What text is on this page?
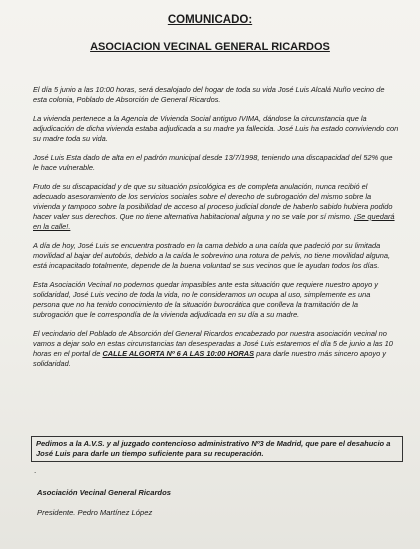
COMUNICADO:
ASOCIACION VECINAL GENERAL RICARDOS

El día 5 junio a las 10:00 horas, será desalojado del hogar de toda su vida José Luis Alcalá Nuño vecino de esta colonia, Poblado de Absorción de General Ricardos.

La vivienda pertenece a la Agencia de Vivienda Social antiguo IVIMA, dándose la circunstancia que la adjudicación de dicha vivienda estaba adjudicada a su madre ya fallecida. José Luis ha estado conviviendo con su madre toda su vida.

José Luis Esta dado de alta en el padrón municipal desde 13/7/1998, teniendo una discapacidad del 52% que le hace vulnerable.

Fruto de su discapacidad y de que su situación psicológica es de completa anulación, nunca recibió el adecuado asesoramiento de los servicios sociales sobre el derecho de subrogación del mismo sobre la vivienda y tampoco sobre la posibilidad de acceso al proceso judicial donde de haberlo sabido hubiera podido hacer valer sus derechos. Que no tiene alternativa habitacional alguna y no se vale por sí mismo. ¡Se quedará en la calle!.

A día de hoy, José Luis se encuentra postrado en la cama debido a una caída que padeció por su limitada movilidad al bajar del autobús, debido a la caída le sobrevino una rotura de pelvis, no tiene movilidad alguna, está incapacitado totalmente, depende de la buena voluntad se sus vecinos que le ayudan todos los días.

Esta Asociación Vecinal no podemos quedar impasibles ante esta situación que requiere nuestro apoyo y solidaridad, José Luis vecino de toda la vida, no le consideramos un ocupa al uso, simplemente es una persona que no ha tenido conocimiento de la situación burocrática que conlleva la tramitación de la subrogación que le correspondía de la vivienda adjudicada en su día a su madre.

El vecindario del Poblado de Absorción del General Ricardos encabezado por nuestra asociación vecinal no vamos a dejar solo en estas circunstancias tan desesperadas a José Luis estaremos el día 5 de junio a las 10 horas en el portal de CALLE ALGORTA Nº 6 A LAS 10:00 HORAS para darle nuestro más sincero apoyo y solidaridad.

Pedimos a la A.V.S. y al juzgado contencioso administrativo Nº3 de Madrid, que pare el desahucio a José Luis para darle un tiempo suficiente para su recuperación.
.
Asociación Vecinal General Ricardos
Presidente. Pedro Martínez López
